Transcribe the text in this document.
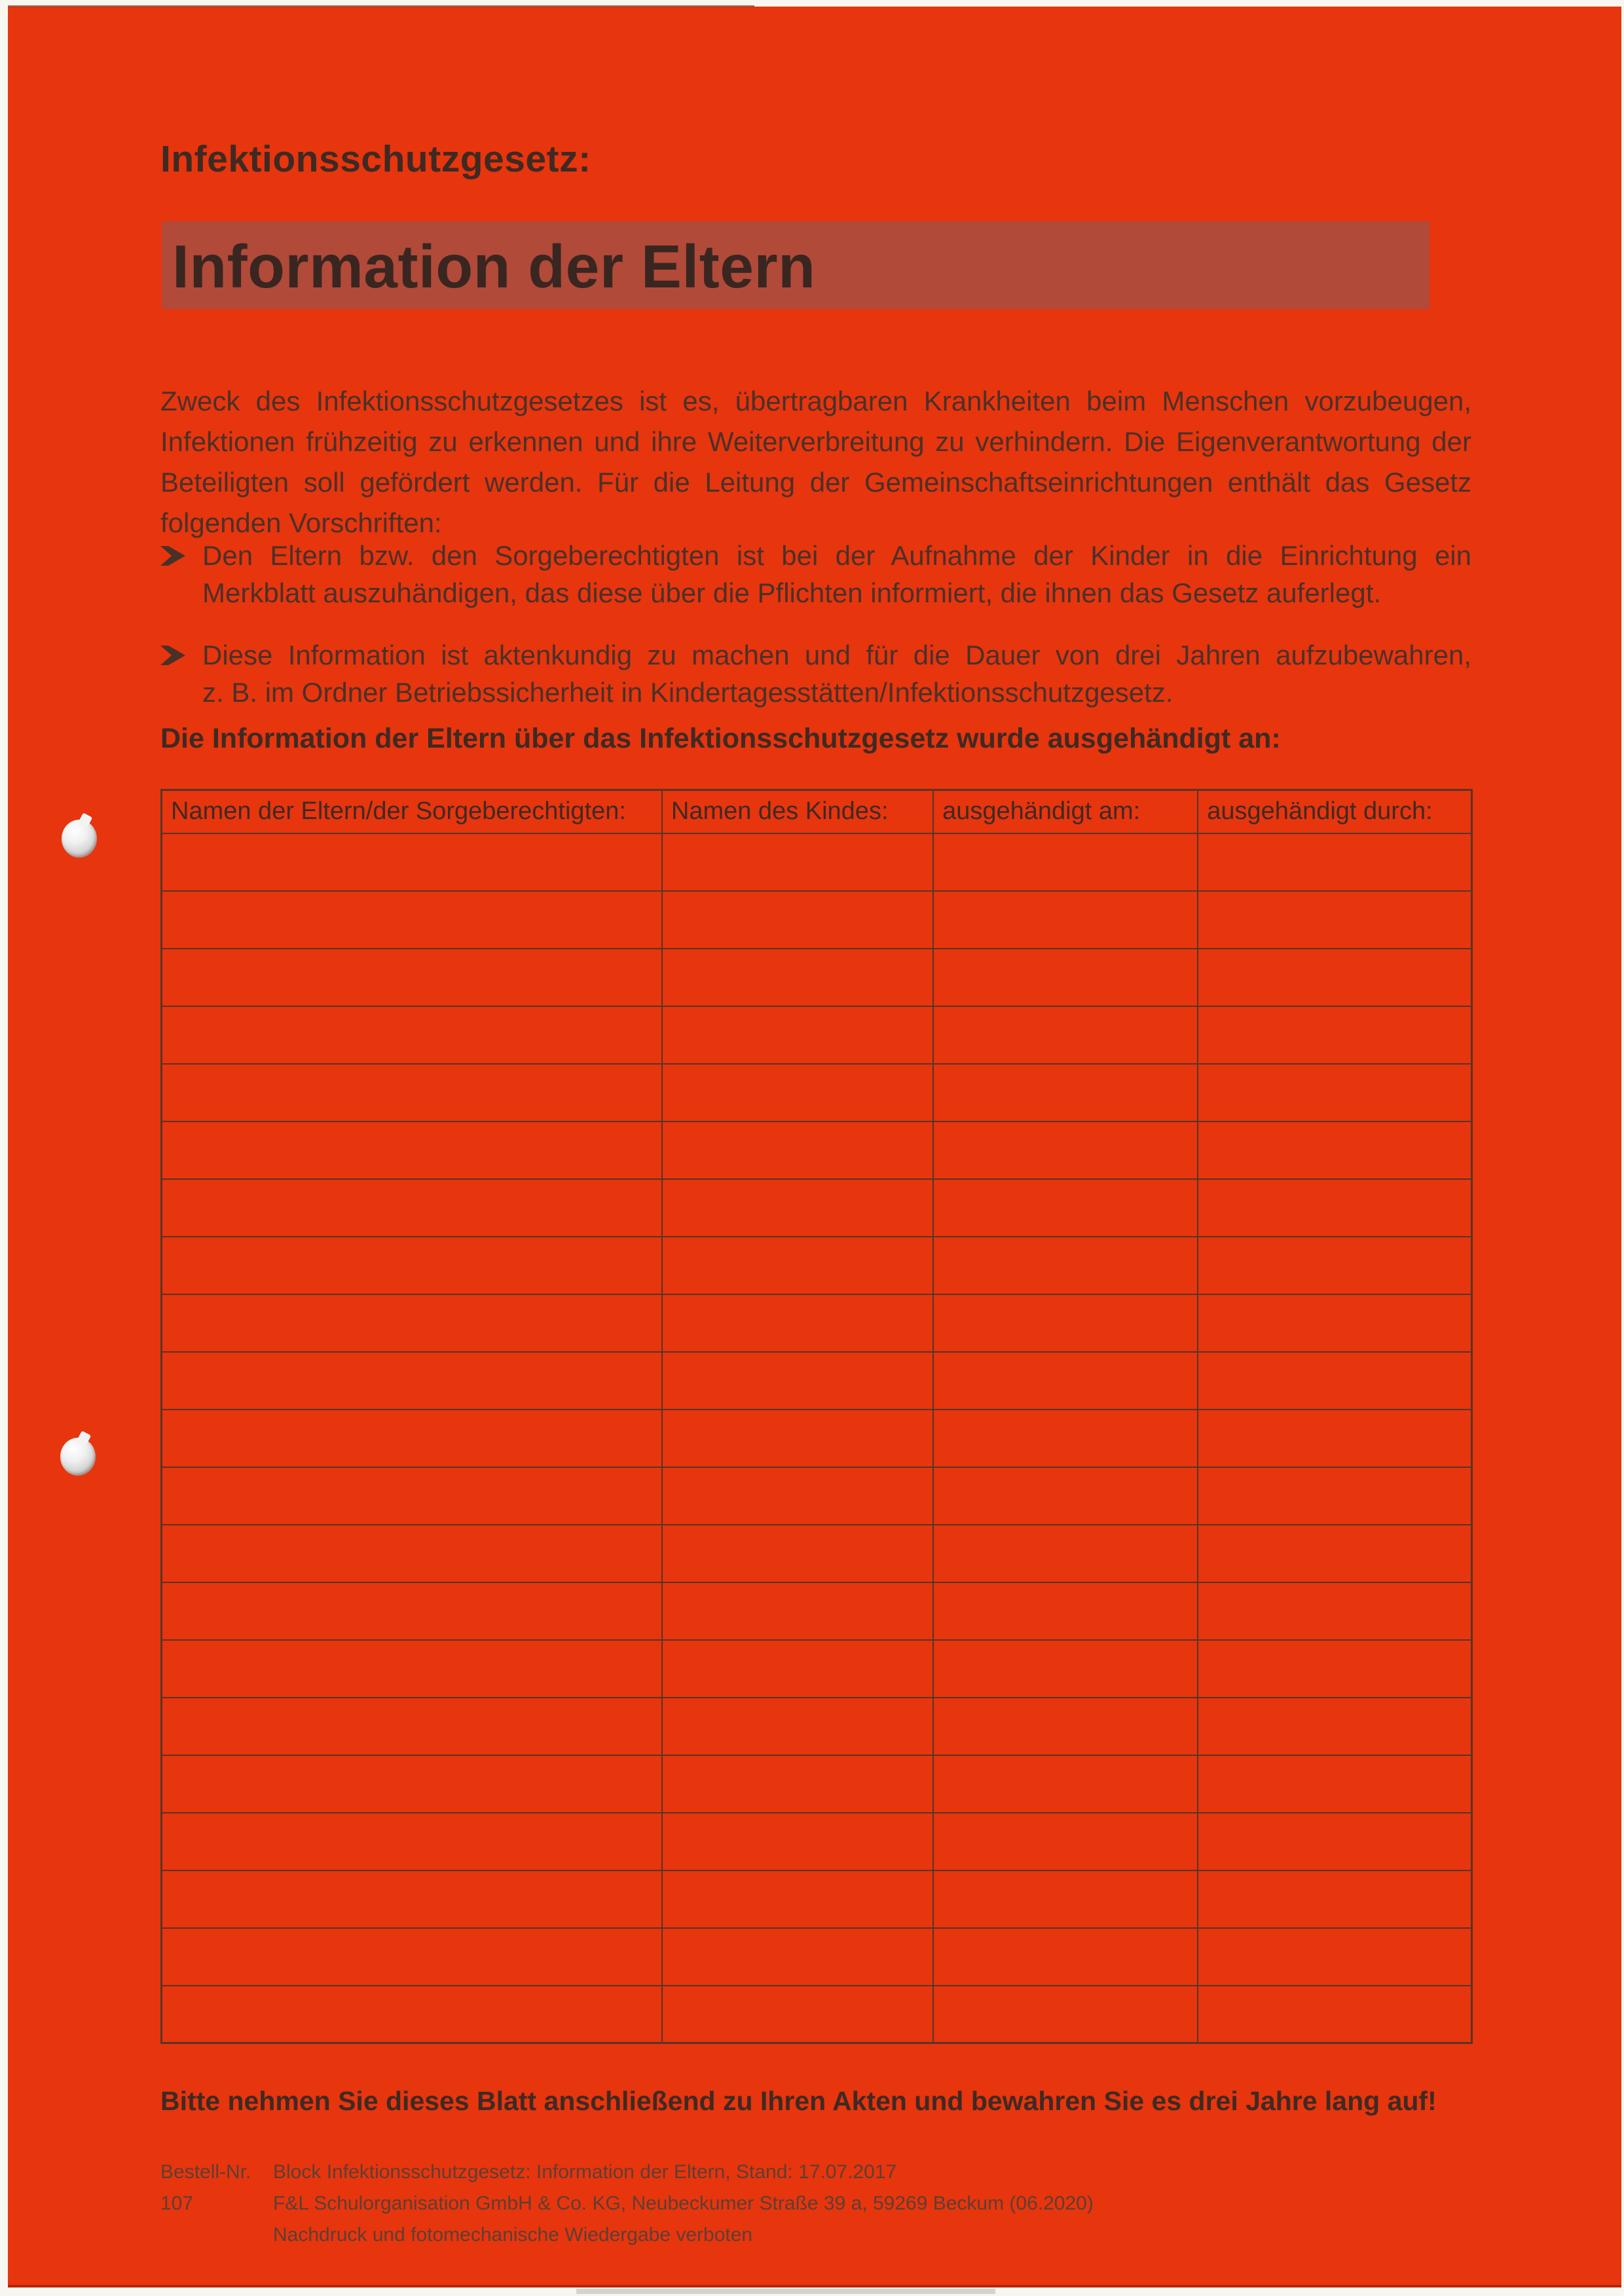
Infektionsschutzgesetz:
Information der Eltern
Zweck des Infektionsschutzgesetzes ist es, übertragbaren Krankheiten beim Menschen vorzubeugen,
Infektionen frühzeitig zu erkennen und ihre Weiterverbreitung zu verhindern. Die Eigenverantwortung der
Beteiligten soll gefördert werden. Für die Leitung der Gemeinschaftseinrichtungen enthält das Gesetz
folgenden Vorschriften:
Den Eltern bzw. den Sorgeberechtigten ist bei der Aufnahme der Kinder in die Einrichtung ein
Merkblatt auszuhändigen, das diese über die Pflichten informiert, die ihnen das Gesetz auferlegt.
Diese Information ist aktenkundig zu machen und für die Dauer von drei Jahren aufzubewahren,
z. B. im Ordner Betriebssicherheit in Kindertagesstätten/Infektionsschutzgesetz.
Die Information der Eltern über das Infektionsschutzgesetz wurde ausgehändigt an:
Namen der Eltern/der Sorgeberechtigten:	Namen des Kindes:	ausgehändigt am:	ausgehändigt durch:

Bitte nehmen Sie dieses Blatt anschließend zu Ihren Akten und bewahren Sie es drei Jahre lang auf!
Bestell-Nr. 107
Block Infektionsschutzgesetz: Information der Eltern, Stand: 17.07.2017
F&L Schulorganisation GmbH & Co. KG, Neubeckumer Straße 39 a, 59269 Beckum (06.2020)
Nachdruck und fotomechanische Wiedergabe verboten
